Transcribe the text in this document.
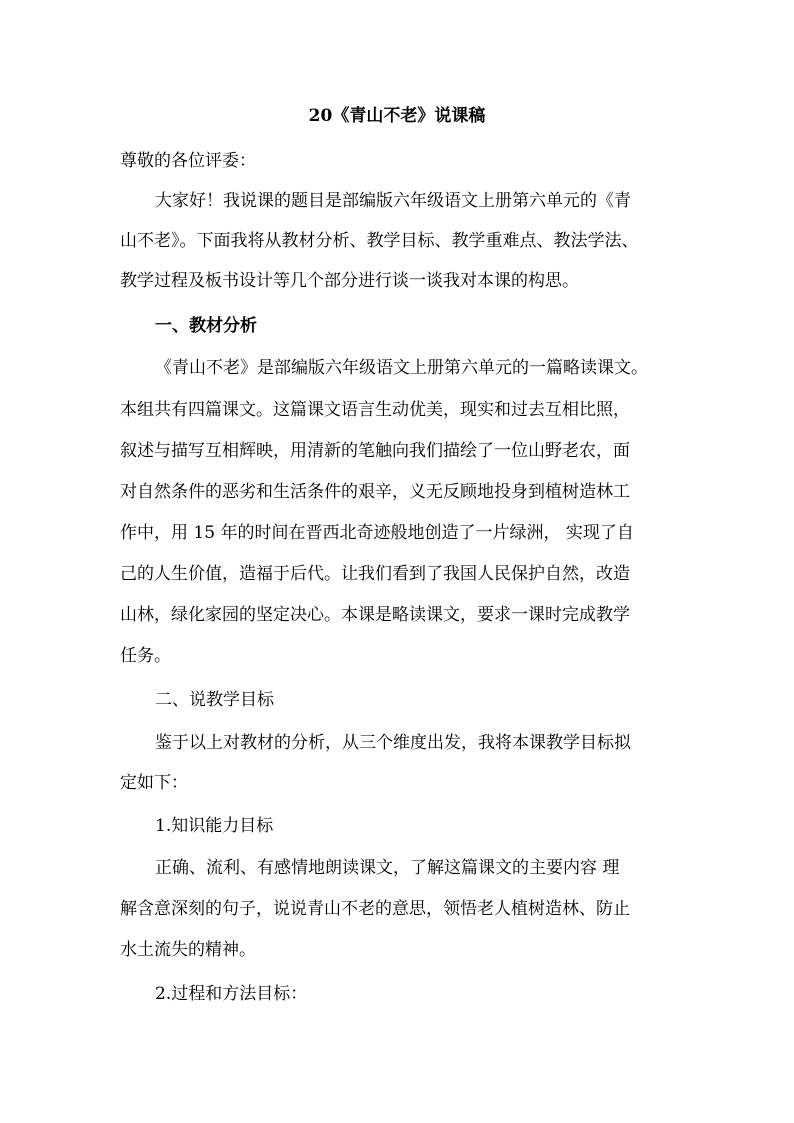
20《青山不老》说课稿
尊敬的各位评委：
大家好！我说课的题目是部编版六年级语文上册第六单元的《青
山不老》。下面我将从教材分析、教学目标、教学重难点、教法学法、
教学过程及板书设计等几个部分进行谈一谈我对本课的构思。
一、教材分析
《青山不老》是部编版六年级语文上册第六单元的一篇略读课文。
本组共有四篇课文。这篇课文语言生动优美，现实和过去互相比照，
叙述与描写互相辉映，用清新的笔触向我们描绘了一位山野老农，面
对自然条件的恶劣和生活条件的艰辛，义无反顾地投身到植树造林工
作中，用 15 年的时间在晋西北奇迹般地创造了一片绿洲， 实现了自
己的人生价值，造福于后代。让我们看到了我国人民保护自然，改造
山林，绿化家园的坚定决心。本课是略读课文，要求一课时完成教学
任务。
二、说教学目标
鉴于以上对教材的分析，从三个维度出发，我将本课教学目标拟
定如下：
1.知识能力目标
正确、流利、有感情地朗读课文，了解这篇课文的主要内容 理
解含意深刻的句子，说说青山不老的意思，领悟老人植树造林、防止
水土流失的精神。
2.过程和方法目标：
